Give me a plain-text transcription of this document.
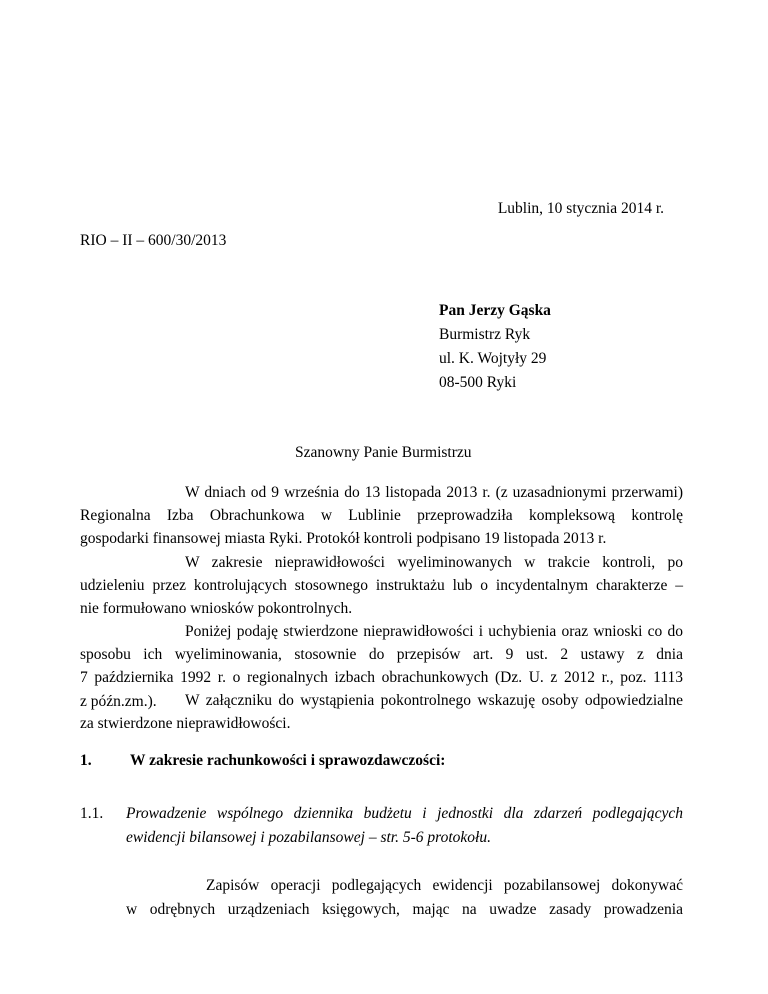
Lublin, 10 stycznia 2014 r.
RIO – II – 600/30/2013
Pan Jerzy Gąska
Burmistrz Ryk
ul. K. Wojtyły 29
08-500 Ryki
Szanowny Panie Burmistrzu
W dniach od 9 września do 13 listopada 2013 r. (z uzasadnionymi przerwami)
Regionalna Izba Obrachunkowa w Lublinie przeprowadziła kompleksową kontrolę
gospodarki finansowej miasta Ryki. Protokół kontroli podpisano 19 listopada 2013 r.
W zakresie nieprawidłowości wyeliminowanych w trakcie kontroli, po
udzieleniu przez kontrolujących stosownego instruktażu lub o incydentalnym charakterze –
nie formułowano wniosków pokontrolnych.
Poniżej podaję stwierdzone nieprawidłowości i uchybienia oraz wnioski co do
sposobu ich wyeliminowania, stosownie do przepisów art. 9 ust. 2 ustawy z dnia
7 października 1992 r. o regionalnych izbach obrachunkowych (Dz. U. z 2012 r., poz. 1113
z późn.zm.).	W załączniku do wystąpienia pokontrolnego wskazuję osoby odpowiedzialne
za stwierdzone nieprawidłowości.
1. W zakresie rachunkowości i sprawozdawczości:
1.1.	Prowadzenie wspólnego dziennika budżetu i jednostki dla zdarzeń podlegających
ewidencji bilansowej i pozabilansowej – str. 5-6 protokołu.
Zapisów operacji podlegających ewidencji pozabilansowej dokonywać
w odrębnych urządzeniach księgowych, mając na uwadze zasady prowadzenia
